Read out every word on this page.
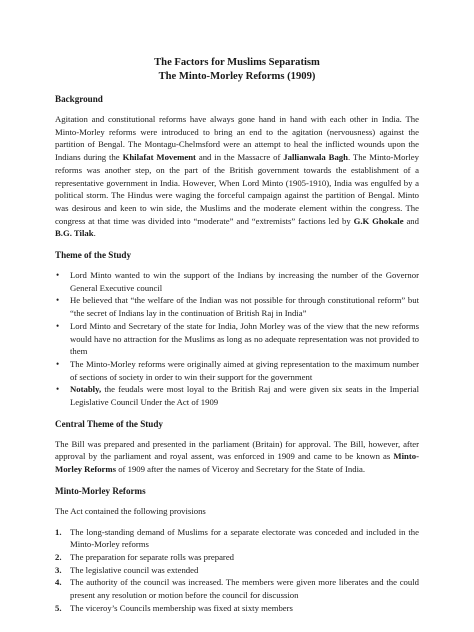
The Factors for Muslims Separatism
The Minto-Morley Reforms (1909)
Background

Agitation and constitutional reforms have always gone hand in hand with each other in India. The Minto-Morley reforms were introduced to bring an end to the agitation (nervousness) against the partition of Bengal. The Montagu-Chelmsford were an attempt to heal the inflicted wounds upon the Indians during the Khilafat Movement and in the Massacre of Jallianwala Bagh. The Minto-Morley reforms was another step, on the part of the British government towards the establishment of a representative government in India. However, When Lord Minto (1905-1910), India was engulfed by a political storm. The Hindus were waging the forceful campaign against the partition of Bengal. Minto was desirous and keen to win side, the Muslims and the moderate element within the congress. The congress at that time was divided into “moderate” and “extremists” factions led by G.K Ghokale and B.G. Tilak.

Theme of the Study
• Lord Minto wanted to win the support of the Indians by increasing the number of the Governor General Executive council
• He believed that “the welfare of the Indian was not possible for through constitutional reform” but “the secret of Indians lay in the continuation of British Raj in India”
• Lord Minto and Secretary of the state for India, John Morley was of the view that the new reforms would have no attraction for the Muslims as long as no adequate representation was not provided to them
• The Minto-Morley reforms were originally aimed at giving representation to the maximum number of sections of society in order to win their support for the government
• Notably, the feudals were most loyal to the British Raj and were given six seats in the Imperial Legislative Council Under the Act of 1909
Central Theme of the Study

The Bill was prepared and presented in the parliament (Britain) for approval. The Bill, however, after approval by the parliament and royal assent, was enforced in 1909 and came to be known as Minto-Morley Reforms of 1909 after the names of Viceroy and Secretary for the State of India.

Minto-Morley Reforms

The Act contained the following provisions

1. The long-standing demand of Muslims for a separate electorate was conceded and included in the Minto-Morley reforms
2. The preparation for separate rolls was prepared
3. The legislative council was extended
4. The authority of the council was increased. The members were given more liberates and the could present any resolution or motion before the council for discussion
5. The viceroy’s Councils membership was fixed at sixty members
